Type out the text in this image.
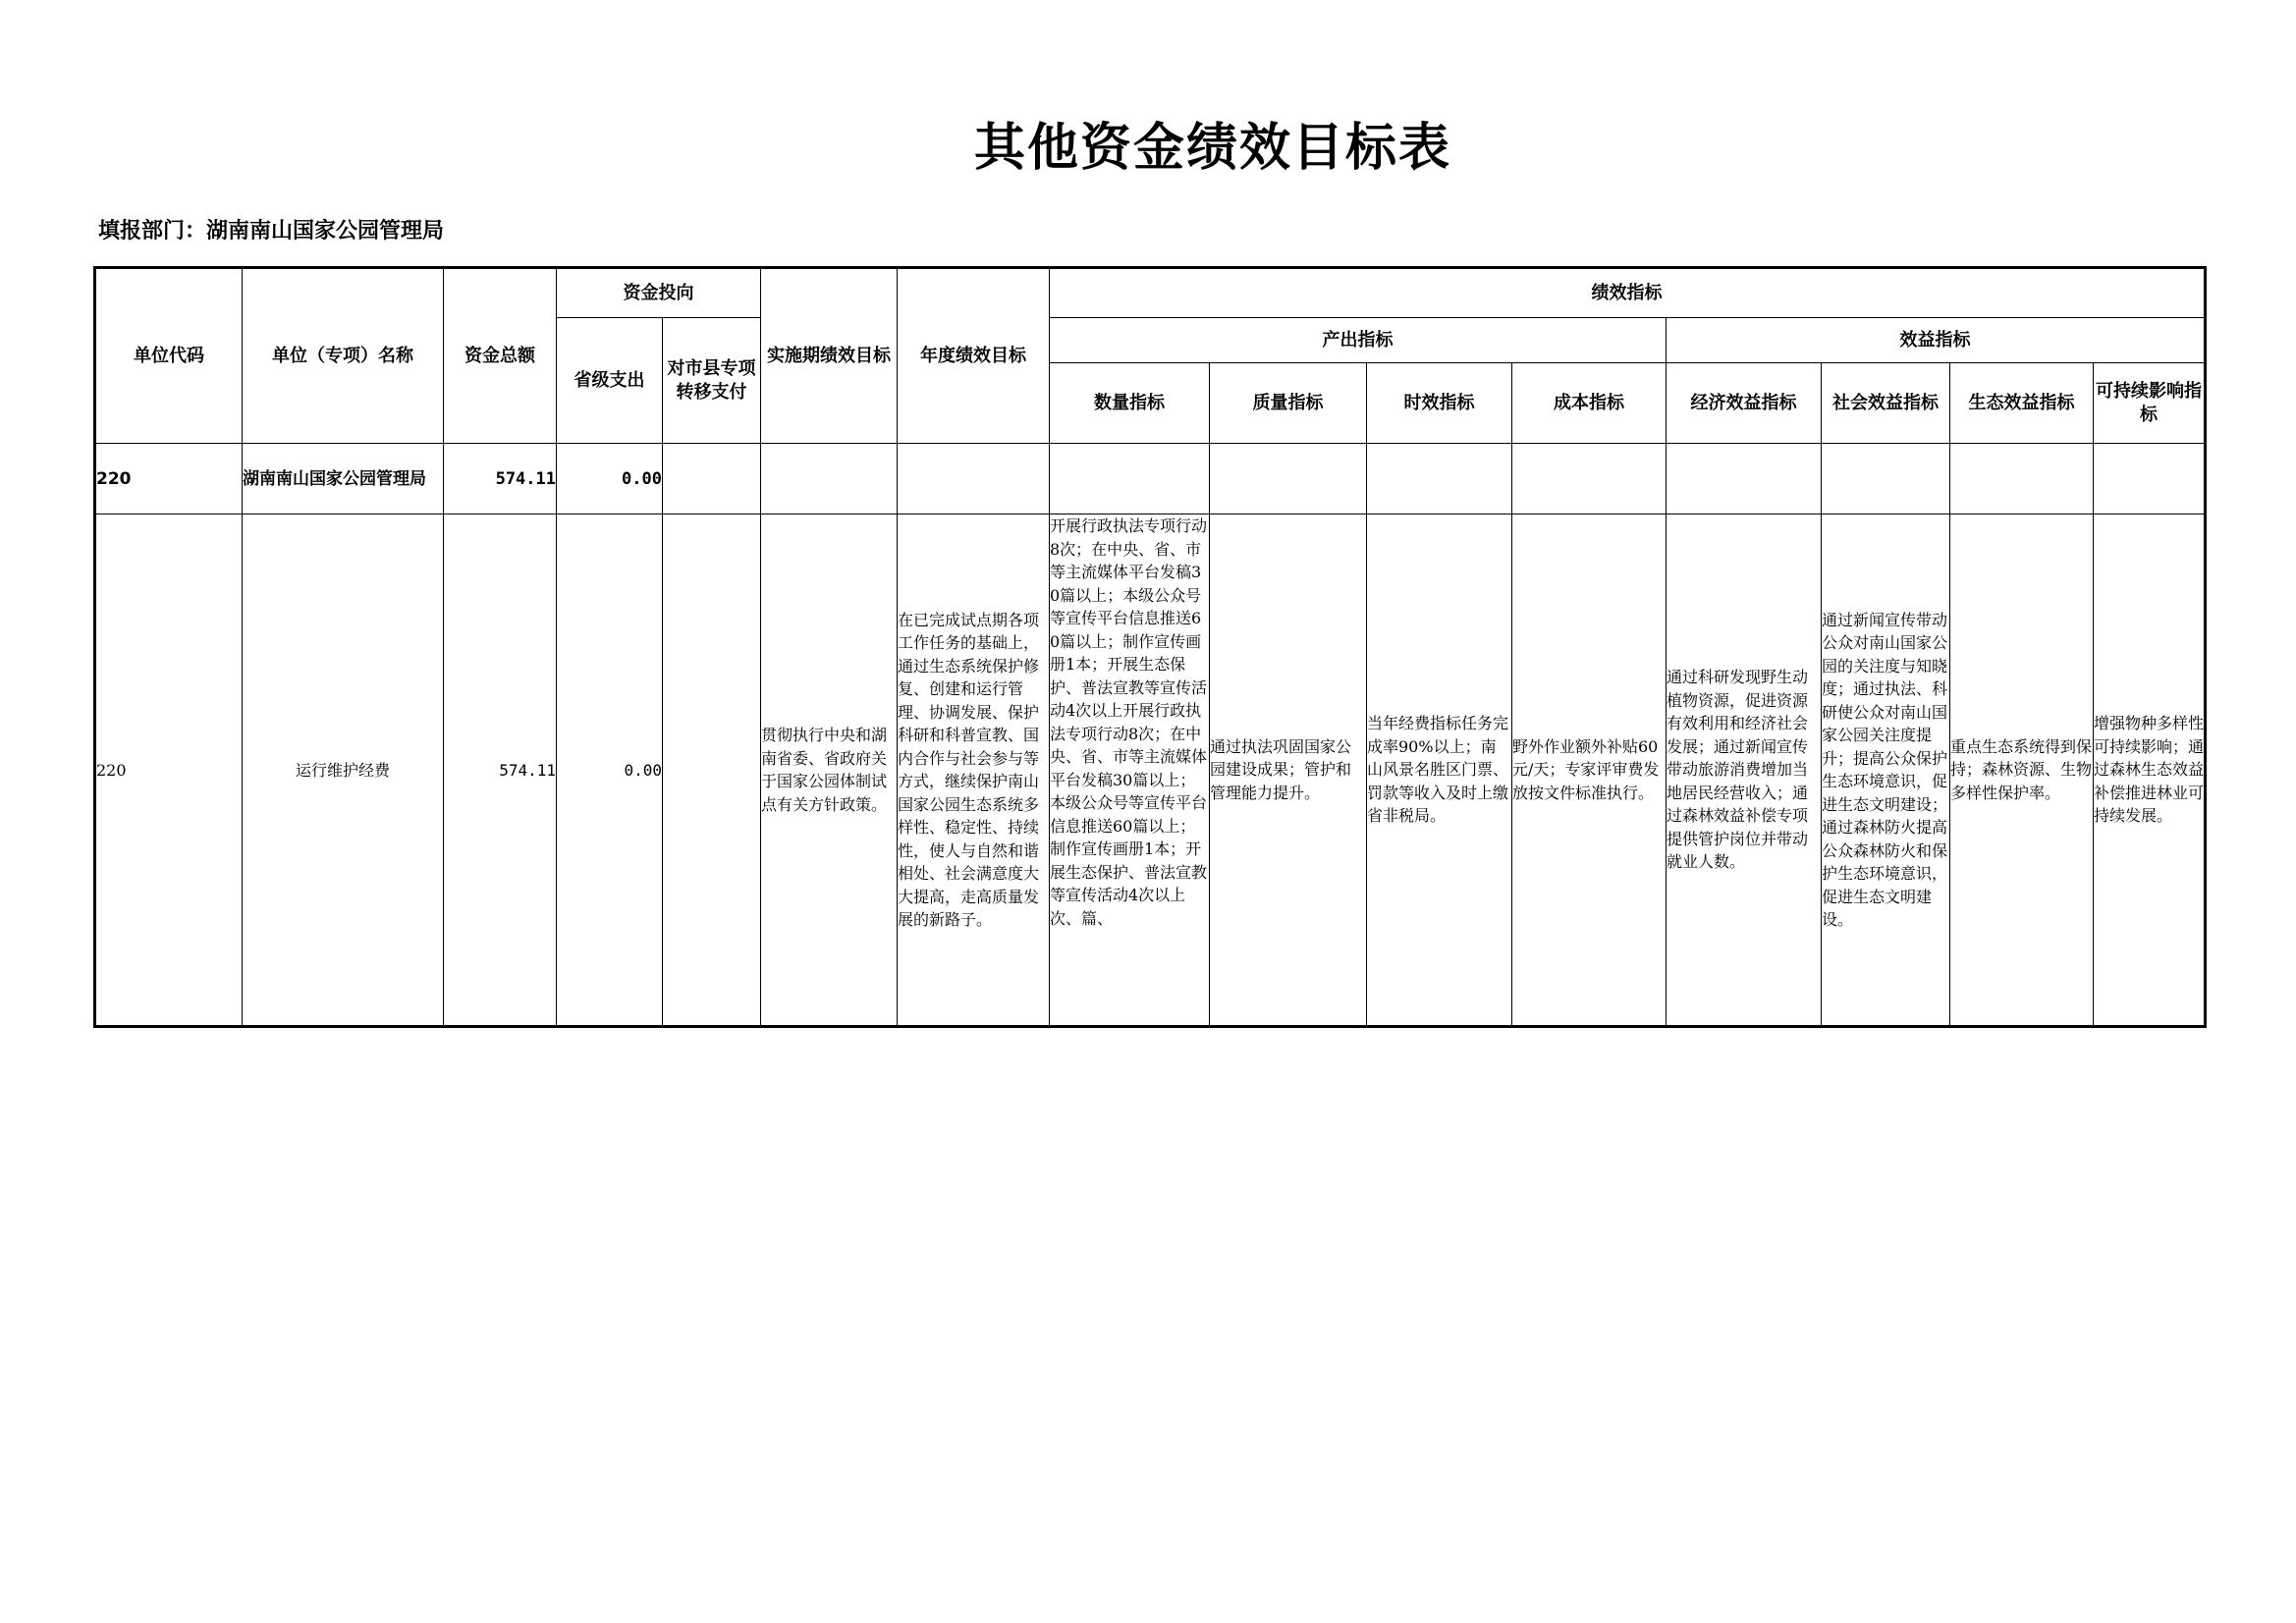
其他资金绩效目标表
填报部门：湖南南山国家公园管理局
单位代码	单位（专项）名称	资金总额	资金投向		实施期绩效目标	年度绩效目标	绩效指标							
			省级支出	对市县专项转移支付			产出指标				效益指标			
							数量指标	质量指标	时效指标	成本指标	经济效益指标	社会效益指标	生态效益指标	可持续影响指标
220	湖南南山国家公园管理局	574.11	0.00											
220	运行维护经费	574.11	0.00		贯彻执行中央和湖南省委、省政府关于国家公园体制试点有关方针政策。	在已完成试点期各项工作任务的基础上，通过生态系统保护修复、创建和运行管理、协调发展、保护科研和科普宣教、国内合作与社会参与等方式，继续保护南山国家公园生态系统多样性、稳定性、持续性，使人与自然和谐相处、社会满意度大大提高，走高质量发展的新路子。	开展行政执法专项行动8次；在中央、省、市等主流媒体平台发稿30篇以上；本级公众号等宣传平台信息推送60篇以上；制作宣传画册1本；开展生态保护、普法宣教等宣传活动4次以上开展行政执法专项行动8次；在中央、省、市等主流媒体平台发稿30篇以上；本级公众号等宣传平台信息推送60篇以上；制作宣传画册1本；开展生态保护、普法宣教等宣传活动4次以上次、篇、	通过执法巩固国家公园建设成果；管护和管理能力提升。	当年经费指标任务完成率90%以上；南山风景名胜区门票、罚款等收入及时上缴省非税局。	野外作业额外补贴60元/天；专家评审费发放按文件标准执行。	通过科研发现野生动植物资源，促进资源有效利用和经济社会发展；通过新闻宣传带动旅游消费增加当地居民经营收入；通过森林效益补偿专项提供管护岗位并带动就业人数。	通过新闻宣传带动公众对南山国家公园的关注度与知晓度；通过执法、科研使公众对南山国家公园关注度提升；提高公众保护生态环境意识，促进生态文明建设；通过森林防火提高公众森林防火和保护生态环境意识，促进生态文明建设。	重点生态系统得到保持；森林资源、生物多样性保护率。	增强物种多样性可持续影响；通过森林生态效益补偿推进林业可持续发展。
